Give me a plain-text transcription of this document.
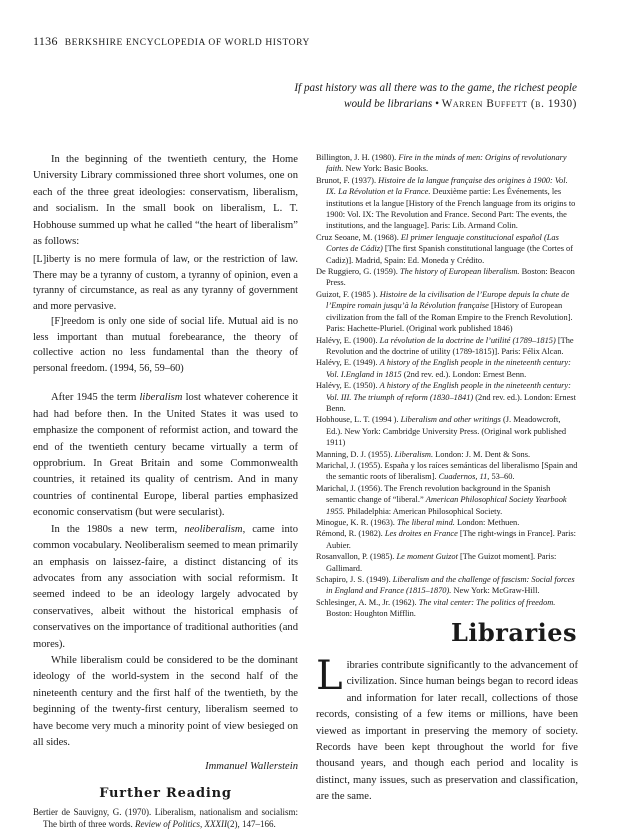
1136 BERKSHIRE ENCYCLOPEDIA OF WORLD HISTORY
If past history was all there was to the game, the richest people
would be librarians • Warren Buffett (b. 1930)

In the beginning of the twentieth century, the Home University Library commissioned three short volumes, one on each of the three great ideologies: conservatism, liberalism, and socialism. In the small book on liberalism, L. T. Hobhouse summed up what he called “the heart of liberalism” as follows:

[L]iberty is no mere formula of law, or the restriction of law. There may be a tyranny of custom, a tyranny of opinion, even a tyranny of circumstance, as real as any tyranny of government and more pervasive.

[F]reedom is only one side of social life. Mutual aid is no less important than mutual forebearance, the theory of collective action no less fundamental than the theory of personal freedom. (1994, 56, 59–60)

After 1945 the term liberalism lost whatever coherence it had had before then. In the United States it was used to emphasize the component of reformist action, and toward the end of the twentieth century became virtually a term of opprobrium. In Great Britain and some Commonwealth countries, it retained its quality of centrism. And in many countries of continental Europe, liberal parties emphasized economic conservatism (but were secularist).

In the 1980s a new term, neoliberalism, came into common vocabulary. Neoliberalism seemed to mean primarily an emphasis on laissez-faire, a distinct distancing of its advocates from any association with social reformism. It seemed indeed to be an ideology largely advocated by conservatives, albeit without the historical emphasis of conservatives on the importance of traditional authorities (and mores).

While liberalism could be considered to be the dominant ideology of the world-system in the second half of the nineteenth century and the first half of the twentieth, by the beginning of the twenty-first century, liberalism seemed to have become very much a minority point of view besieged on all sides.

Immanuel Wallerstein
Further Reading
Bertier de Sauvigny, G. (1970). Liberalism, nationalism and socialism: The birth of three words. Review of Politics, XXXII(2), 147–166.

Billington, J. H. (1980). Fire in the minds of men: Origins of revolutionary faith. New York: Basic Books.

Brunot, F. (1937). Histoire de la langue française des origines à 1900: Vol. IX. La Révolution et la France. Deuxième partie: Les Événements, les institutions et la langue [History of the French language from its origins to 1900: Vol. IX: The Revolution and France. Second Part: The events, the institutions, and the language]. Paris: Lib. Armand Colin.

Cruz Seoane, M. (1968). El primer lenguaje constitucional español (Las Cortes de Cádiz) [The first Spanish constitutional language (the Cortes of Cadiz)]. Madrid, Spain: Ed. Moneda y Crédito.

De Ruggiero, G. (1959). The history of European liberalism. Boston: Beacon Press.

Guizot, F. (1985 ). Histoire de la civilisation de l’Europe depuis la chute de l’Empire romain jusqu’à la Révolution française [History of European civilization from the fall of the Roman Empire to the French Revolution]. Paris: Hachette-Pluriel. (Original work published 1846)

Halévy, E. (1900). La révolution de la doctrine de l’utilité (1789–1815) [The Revolution and the doctrine of utility (1789-1815)]. Paris: Félix Alcan.

Halévy, E. (1949). A history of the English people in the nineteenth century: Vol. I.England in 1815 (2nd rev. ed.). London: Ernest Benn.

Halévy, E. (1950). A history of the English people in the nineteenth century: Vol. III. The triumph of reform (1830–1841) (2nd rev. ed.). London: Ernest Benn.

Hobhouse, L. T. (1994 ). Liberalism and other writings (J. Meadowcroft, Ed.). New York: Cambridge University Press. (Original work published 1911)

Manning, D. J. (1955). Liberalism. London: J. M. Dent & Sons.

Marichal, J. (1955). España y los raíces semánticas del liberalismo [Spain and the semantic roots of liberalism]. Cuadernos, 11, 53–60.

Marichal, J. (1956). The French revolution background in the Spanish semantic change of “liberal.” American Philosophical Society Yearbook 1955. Philadelphia: American Philosophical Society.

Minogue, K. R. (1963). The liberal mind. London: Methuen.

Rémond, R. (1982). Les droites en France [The right-wings in France]. Paris: Aubier.

Rosanvallon, P. (1985). Le moment Guizot [The Guizot moment]. Paris: Gallimard.

Schapiro, J. S. (1949). Liberalism and the challenge of fascism: Social forces in England and France (1815–1870). New York: McGraw-Hill.

Schlesinger, A. M., Jr. (1962). The vital center: The politics of freedom. Boston: Houghton Mifflin.

Libraries
Libraries contribute significantly to the advancement of civilization. Since human beings began to record ideas and information for later recall, collections of those records, consisting of a few items or millions, have been viewed as important in preserving the memory of society. Records have been kept throughout the world for five thousand years, and though each period and locality is distinct, many issues, such as preservation and classification, are the same.
